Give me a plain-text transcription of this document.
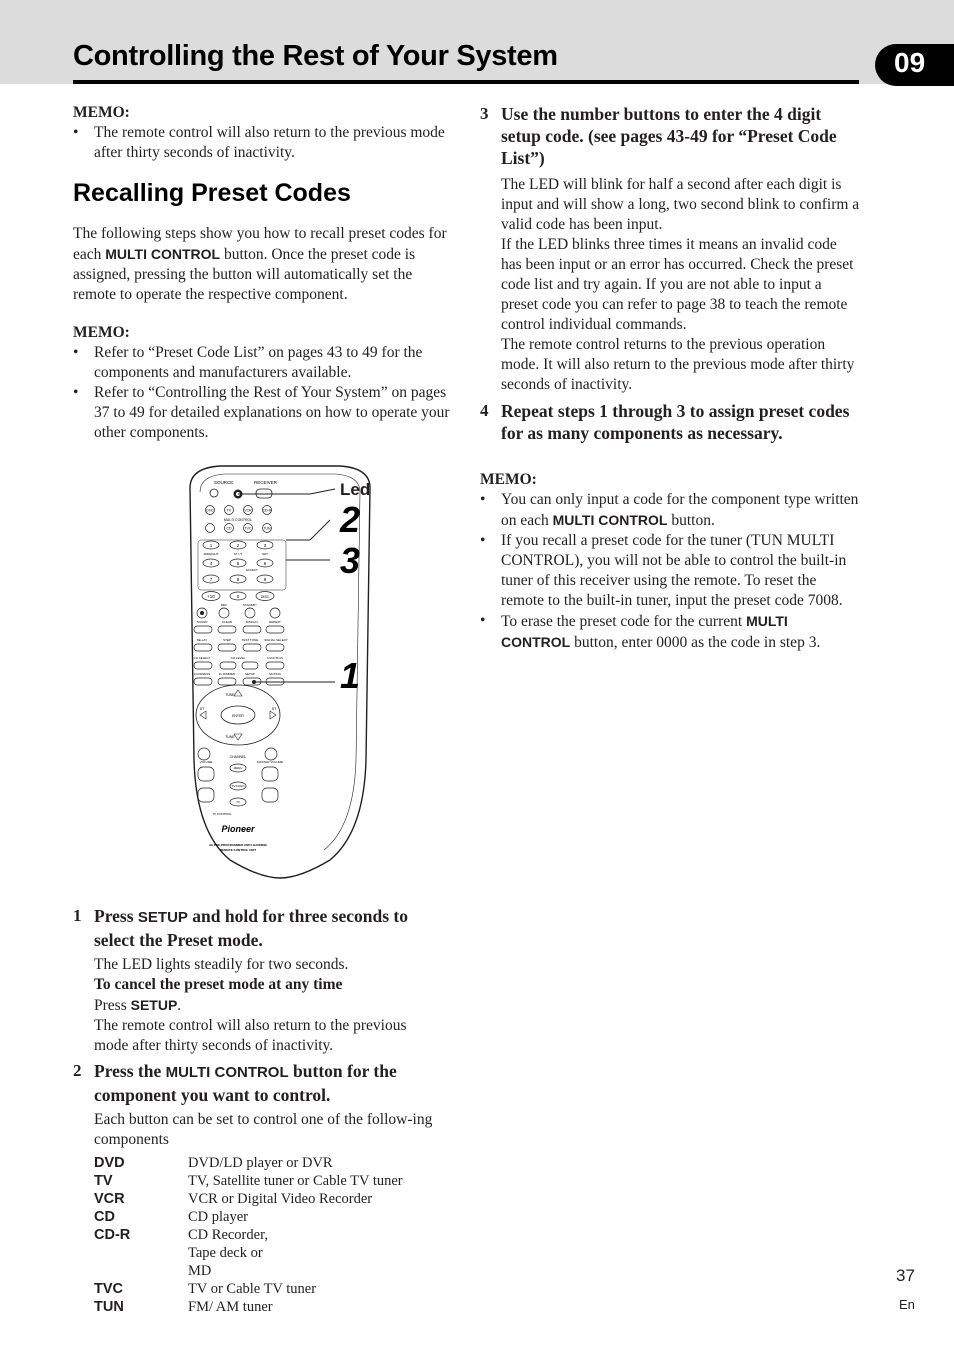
Controlling the Rest of Your System	09
MEMO:
• The remote control will also return to the previous mode after thirty seconds of inactivity.
Recalling Preset Codes
The following steps show you how to recall preset codes for each MULTI CONTROL button. Once the preset code is assigned, pressing the button will automatically set the remote to operate the respective component.
MEMO:
• Refer to “Preset Code List” on pages 43 to 49 for the components and manufacturers available.
• Refer to “Controlling the Rest of Your System” on pages 37 to 49 for detailed explanations on how to operate your other components.
SOURCE	RECEIVER
DVD	TV	VCR	CD-R
MULTI CONTROL
CD	TVC	TUN
1	2	3
MIDNIGHT	ST / ⁄T	SET
4	5	6
EFFECT
7	8	9
+10	0	DISC
REC	STANDBY
SOUND	CLEAR	DISPLAY	REPEAT
DE-LAY	STEP	TEST TONE SIGNAL SELECT
CH SELECT	CH LEVEL	FUNCTION
LOUDNESS	FL DIMMER	SETUP	MUTING
TUNE
ENTER
TUNE
ST	ST
CHANNEL
VOLUME	MASTER VOLUME
MENU
TV FUNC
TV
TV CONTROL
Pioneer
AV PRE-PROGRAMMED AND LEARNING
REMOTE CONTROL UNIT
Led
2
3
1
1 Press SETUP and hold for three seconds to select the Preset mode.
The LED lights steadily for two seconds.
To cancel the preset mode at any time
Press SETUP.
The remote control will also return to the previous mode after thirty seconds of inactivity.
2 Press the MULTI CONTROL button for the component you want to control.
Each button can be set to control one of the follow-ing components
DVD	DVD/LD player or DVR
TV	TV, Satellite tuner or Cable TV tuner
VCR	VCR or Digital Video Recorder
CD	CD player
CD-R	CD Recorder, Tape deck or MD
TVC	TV or Cable TV tuner
TUN	FM/ AM tuner
3 Use the number buttons to enter the 4 digit setup code. (see pages 43-49 for “Preset Code List”)
The LED will blink for half a second after each digit is input and will show a long, two second blink to confirm a valid code has been input.
If the LED blinks three times it means an invalid code has been input or an error has occurred. Check the preset code list and try again. If you are not able to input a preset code you can refer to page 38 to teach the remote control individual commands.
The remote control returns to the previous operation mode. It will also return to the previous mode after thirty seconds of inactivity.
4 Repeat steps 1 through 3 to assign preset codes for as many components as necessary.
MEMO:
• You can only input a code for the component type written on each MULTI CONTROL button.
• If you recall a preset code for the tuner (TUN MULTI CONTROL), you will not be able to control the built-in tuner of this receiver using the remote. To reset the remote to the built-in tuner, input the preset code 7008.
• To erase the preset code for the current MULTI CONTROL button, enter 0000 as the code in step 3.
37
En
